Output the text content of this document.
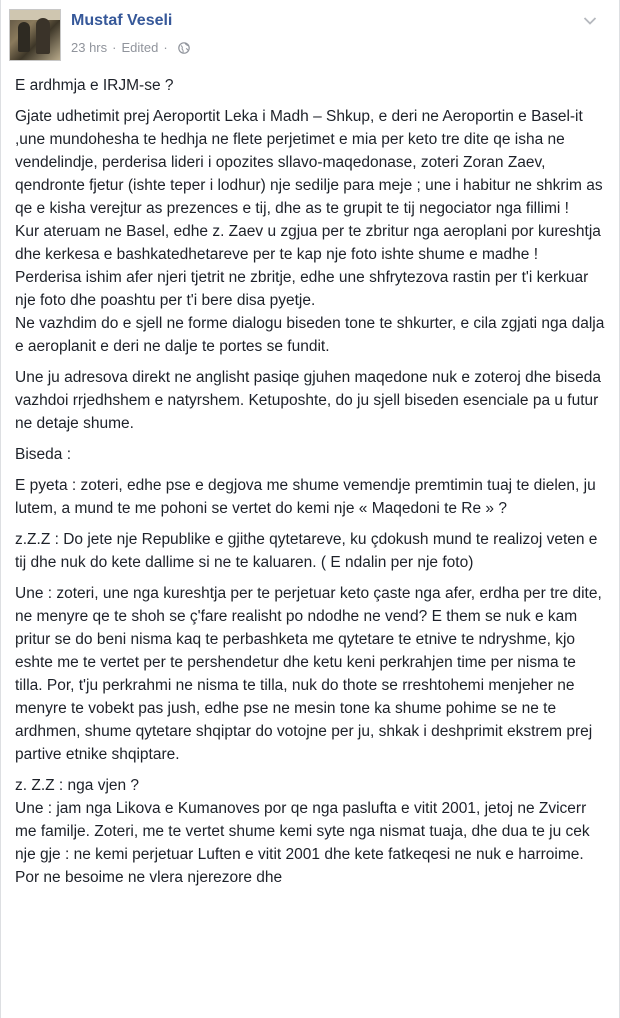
Mustaf Veseli
23 hrs · Edited ·

E ardhmja e IRJM-se ?

Gjate udhetimit prej Aeroportit Leka i Madh – Shkup, e deri ne Aeroportin e Basel-it ,une mundohesha te hedhja ne flete perjetimet e mia per keto tre dite qe isha ne vendelindje, perderisa lideri i opozites sllavo-maqedonase, zoteri Zoran Zaev, qendronte fjetur (ishte teper i lodhur) nje sedilje para meje ; une i habitur ne shkrim as qe e kisha verejtur as prezences e tij, dhe as te grupit te tij negociator nga fillimi !
Kur ateruam ne Basel, edhe z. Zaev u zgjua per te zbritur nga aeroplani por kureshtja dhe kerkesa e bashkatedhetareve per te kap nje foto ishte shume e madhe ! Perderisa ishim afer njeri tjetrit ne zbritje, edhe une shfrytezova rastin per t'i kerkuar nje foto dhe poashtu per t'i bere disa pyetje.
Ne vazhdim do e sjell ne forme dialogu biseden tone te shkurter, e cila zgjati nga dalja e aeroplanit e deri ne dalje te portes se fundit.

Une ju adresova direkt ne anglisht pasiqe gjuhen maqedone nuk e zoteroj dhe biseda vazhdoi rrjedhshem e natyrshem. Ketuposhte, do ju sjell biseden esenciale pa u futur ne detaje shume.

Biseda :

E pyeta : zoteri, edhe pse e degjova me shume vemendje premtimin tuaj te dielen, ju lutem, a mund te me pohoni se vertet do kemi nje « Maqedoni te Re » ?

z.Z.Z : Do jete nje Republike e gjithe qytetareve, ku çdokush mund te realizoj veten e tij dhe nuk do kete dallime si ne te kaluaren. ( E ndalin per nje foto)

Une : zoteri, une nga kureshtja per te perjetuar keto çaste nga afer, erdha per tre dite, ne menyre qe te shoh se ç'fare realisht po ndodhe ne vend? E them se nuk e kam pritur se do beni nisma kaq te perbashketa me qytetare te etnive te ndryshme, kjo eshte me te vertet per te pershendetur dhe ketu keni perkrahjen time per nisma te tilla. Por, t'ju perkrahmi ne nisma te tilla, nuk do thote se rreshtohemi menjeher ne menyre te vobekt pas jush, edhe pse ne mesin tone ka shume pohime se ne te ardhmen, shume qytetare shqiptar do votojne per ju, shkak i deshprimit ekstrem prej partive etnike shqiptare.

z. Z.Z : nga vjen ?
Une : jam nga Likova e Kumanoves por qe nga paslufta e vitit 2001, jetoj ne Zvicerr me familje. Zoteri, me te vertet shume kemi syte nga nismat tuaja, dhe dua te ju cek nje gje : ne kemi perjetuar Luften e vitit 2001 dhe kete fatkeqesi ne nuk e harroime. Por ne besoime ne vlera njerezore dhe
